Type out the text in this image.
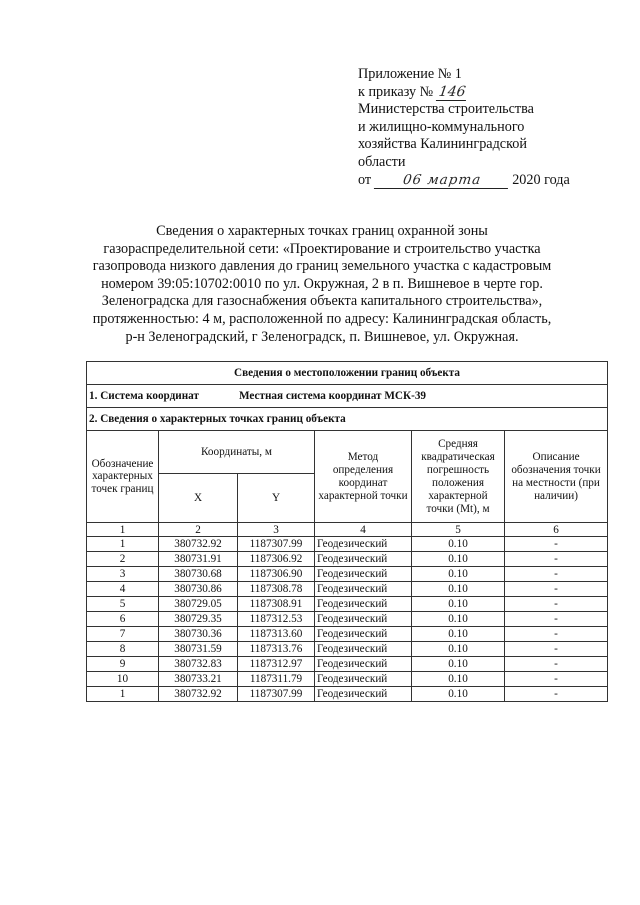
Приложение № 1
к приказу № 146
Министерства строительства
и жилищно-коммунального
хозяйства Калининградской
области
от 06 марта 2020 года
Сведения о характерных точках границ охранной зоны
газораспределительной сети: «Проектирование и строительство участка
газопровода низкого давления до границ земельного участка с кадастровым
номером 39:05:10702:0010 по ул. Окружная, 2 в п. Вишневое в черте гор.
Зеленоградска для газоснабжения объекта капитального строительства»,
протяженностью: 4 м, расположенной по адресу: Калининградская область,
р-н Зеленоградский, г Зеленоградск, п. Вишневое, ул. Окружная.
Сведения о местоположении границ объекта					
1. Система координат Местная система координат МСК-39					
2. Сведения о характерных точках границ объекта					
Обозначение характерных точек границ	Координаты, м		Метод определения координат характерной точки	Средняя квадратическая погрешность положения характерной точки (Mt), м	Описание обозначения точки на местности (при наличии)
	X	Y			
1	2	3	4	5	6
1	380732.92	1187307.99	Геодезический	0.10	-
2	380731.91	1187306.92	Геодезический	0.10	-
3	380730.68	1187306.90	Геодезический	0.10	-
4	380730.86	1187308.78	Геодезический	0.10	-
5	380729.05	1187308.91	Геодезический	0.10	-
6	380729.35	1187312.53	Геодезический	0.10	-
7	380730.36	1187313.60	Геодезический	0.10	-
8	380731.59	1187313.76	Геодезический	0.10	-
9	380732.83	1187312.97	Геодезический	0.10	-
10	380733.21	1187311.79	Геодезический	0.10	-
1	380732.92	1187307.99	Геодезический	0.10	-
